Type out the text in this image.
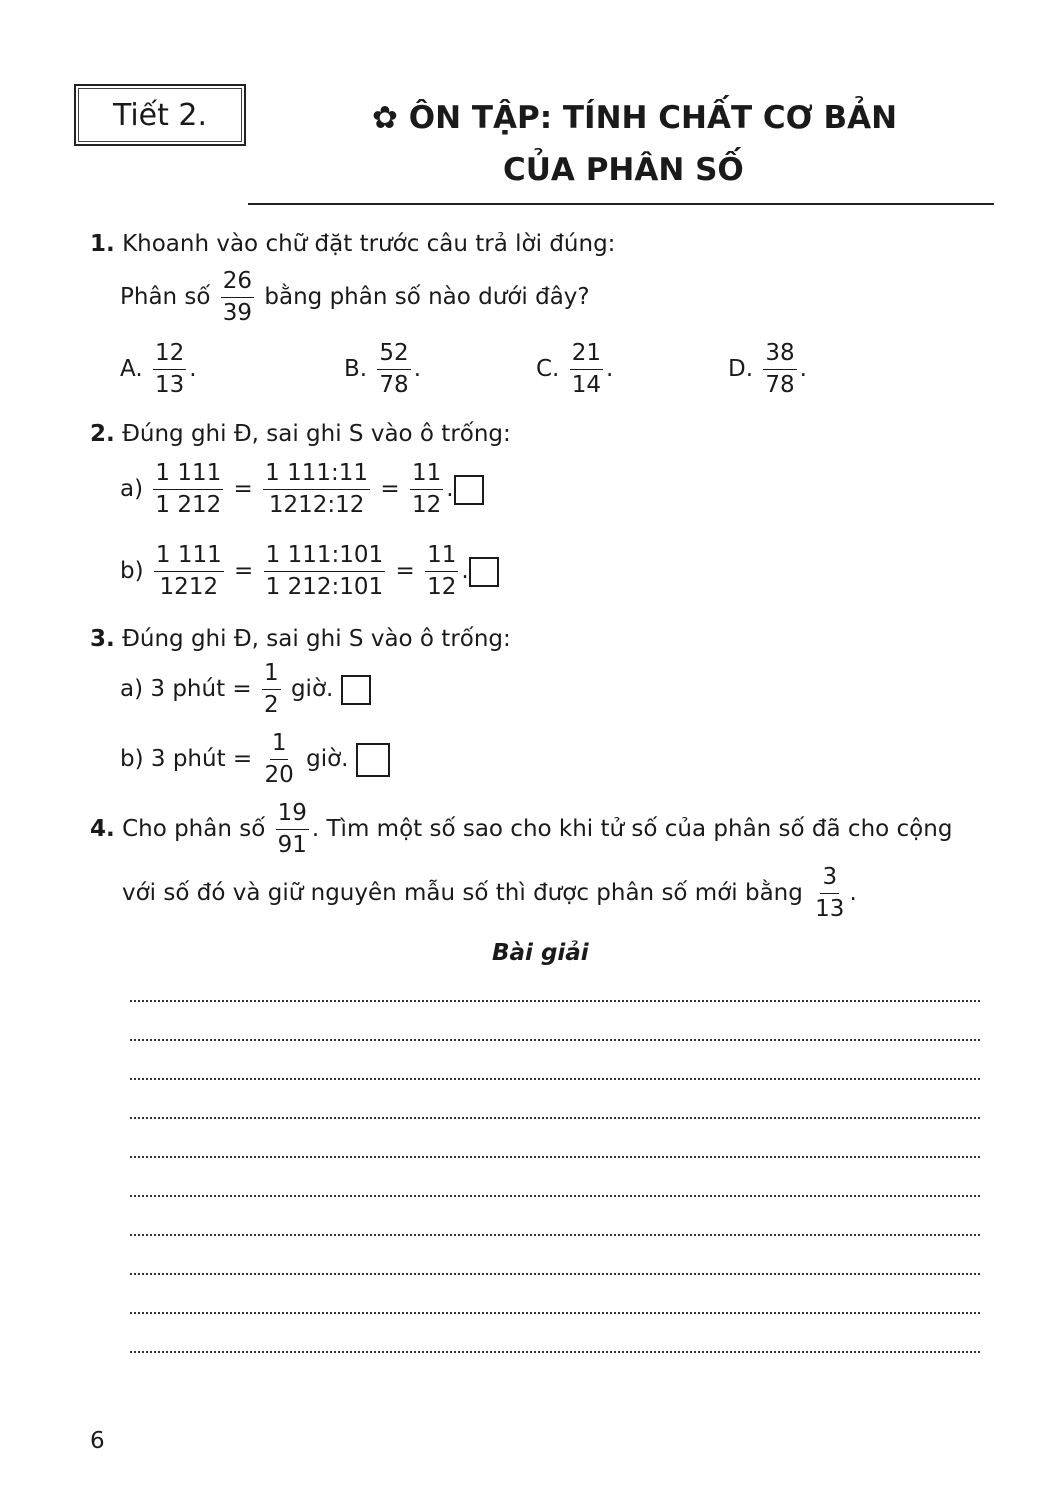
Tiết 2.	✿ ÔN TẬP: TÍNH CHẤT CƠ BẢN
CỦA PHÂN SỐ
1. Khoanh vào chữ đặt trước câu trả lời đúng:
Phân số $\frac{26}{39}$ bằng phân số nào dưới đây?
A. $\frac{12}{13}$ .	B. $\frac{52}{78}$ .	C. $\frac{21}{14}$ .	D. $\frac{38}{78}$ .
2. Đúng ghi Đ, sai ghi S vào ô trống:
$a) \frac{1 111}{1 212} = \frac{1 111:11}{1212:12} = \frac{11}{12}$ .
$b) \frac{1 111}{1212} = \frac{1 111:101}{1 212:101} = \frac{11}{12}$ .
3. Đúng ghi Đ, sai ghi S vào ô trống:
a) 3 phút = $\frac{1}{2}$ giờ.
b) 3 phút = $\frac{1}{20}$ giờ.
4. Cho phân số $\frac{19}{91}$ . Tìm một số sao cho khi tử số của phân số đã cho cộng
với số đó và giữ nguyên mẫu số thì được phân số mới bằng $\frac{3}{13}$ .
Bài giải
6
